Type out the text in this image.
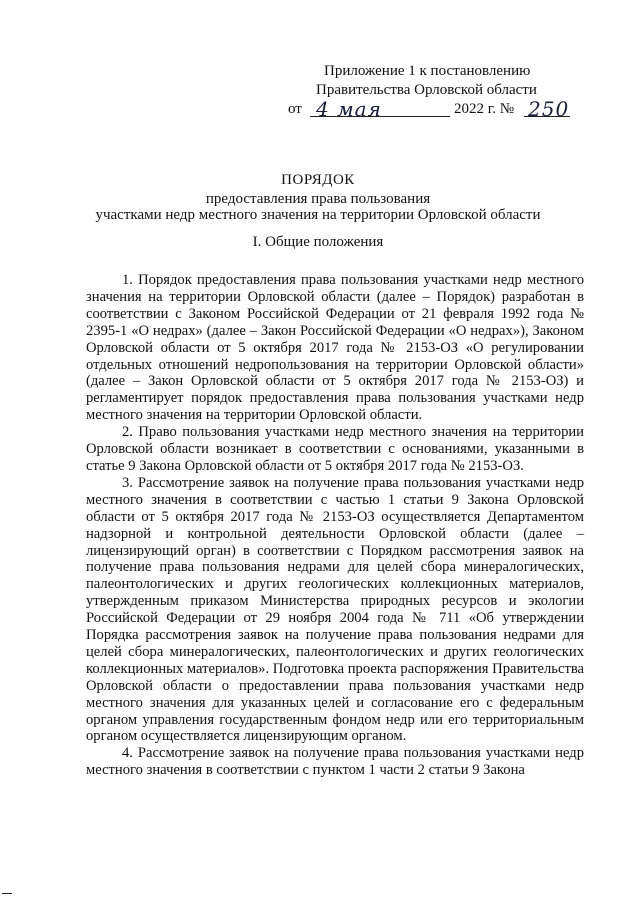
Приложение 1 к постановлению
Правительства Орловской области
от 4 мая	2022 г. № 250
ПОРЯДОК
предоставления права пользования
участками недр местного значения на территории Орловской области
I. Общие положения

1. Порядок предоставления права пользования участками недр местного значения на территории Орловской области (далее – Порядок) разработан в соответствии с Законом Российской Федерации от 21 февраля 1992 года № 2395-1 «О недрах» (далее – Закон Российской Федерации «О недрах»), Законом Орловской области от 5 октября 2017 года № 2153-ОЗ «О регулировании отдельных отношений недропользования на территории Орловской области» (далее – Закон Орловской области от 5 октября 2017 года № 2153-ОЗ) и регламентирует порядок предоставления права пользования участками недр местного значения на территории Орловской области.

2. Право пользования участками недр местного значения на территории Орловской области возникает в соответствии с основаниями, указанными в статье 9 Закона Орловской области от 5 октября 2017 года № 2153-ОЗ.

3. Рассмотрение заявок на получение права пользования участками недр местного значения в соответствии с частью 1 статьи 9 Закона Орловской области от 5 октября 2017 года № 2153-ОЗ осуществляется Департаментом надзорной и контрольной деятельности Орловской области (далее – лицензирующий орган) в соответствии с Порядком рассмотрения заявок на получение права пользования недрами для целей сбора минералогических, палеонтологических и других геологических коллекционных материалов, утвержденным приказом Министерства природных ресурсов и экологии Российской Федерации от 29 ноября 2004 года № 711 «Об утверждении Порядка рассмотрения заявок на получение права пользования недрами для целей сбора минералогических, палеонтологических и других геологических коллекционных материалов». Подготовка проекта распоряжения Правительства Орловской области о предоставлении права пользования участками недр местного значения для указанных целей и согласование его с федеральным органом управления государственным фондом недр или его территориальным органом осуществляется лицензирующим органом.

4. Рассмотрение заявок на получение права пользования участками недр местного значения в соответствии с пунктом 1 части 2 статьи 9 Закона
